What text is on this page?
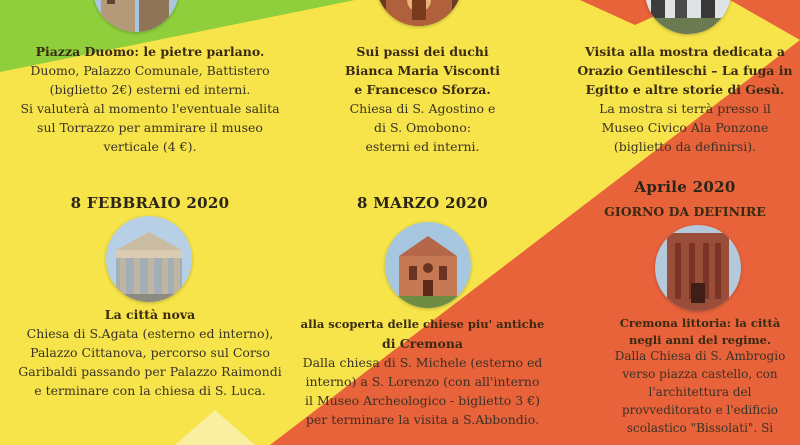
Piazza Duomo: le pietre parlano.
Duomo, Palazzo Comunale, Battistero
(biglietto 2€) esterni ed interni.
Si valuterà al momento l'eventuale salita
sul Torrazzo per ammirare il museo
verticale (4 €).
8 FEBBRAIO 2020
La città nova
Chiesa di S.Agata (esterno ed interno),
Palazzo Cittanova, percorso sul Corso
Garibaldi passando per Palazzo Raimondi
e terminare con la chiesa di S. Luca.
Sui passi dei duchi
Bianca Maria Visconti
e Francesco Sforza.
Chiesa di S. Agostino e
di S. Omobono:
esterni ed interni.
8 MARZO 2020
alla scoperta delle chiese piu' antiche
di Cremona
Dalla chiesa di S. Michele (esterno ed
interno) a S. Lorenzo (con all'interno
il Museo Archeologico - biglietto 3 €)
per terminare la visita a S.Abbondio.
Visita alla mostra dedicata a
Orazio Gentileschi – La fuga in
Egitto e altre storie di Gesù.
La mostra si terrà presso il
Museo Civico Ala Ponzone
(biglietto da definirsi).
Aprile 2020
GIORNO DA DEFINIRE
Cremona littoria: la città
negli anni del regime.
Dalla Chiesa di S. Ambrogio
verso piazza castello, con
l'architettura del
provveditorato e l'edificio
scolastico "Bissolati". Si
